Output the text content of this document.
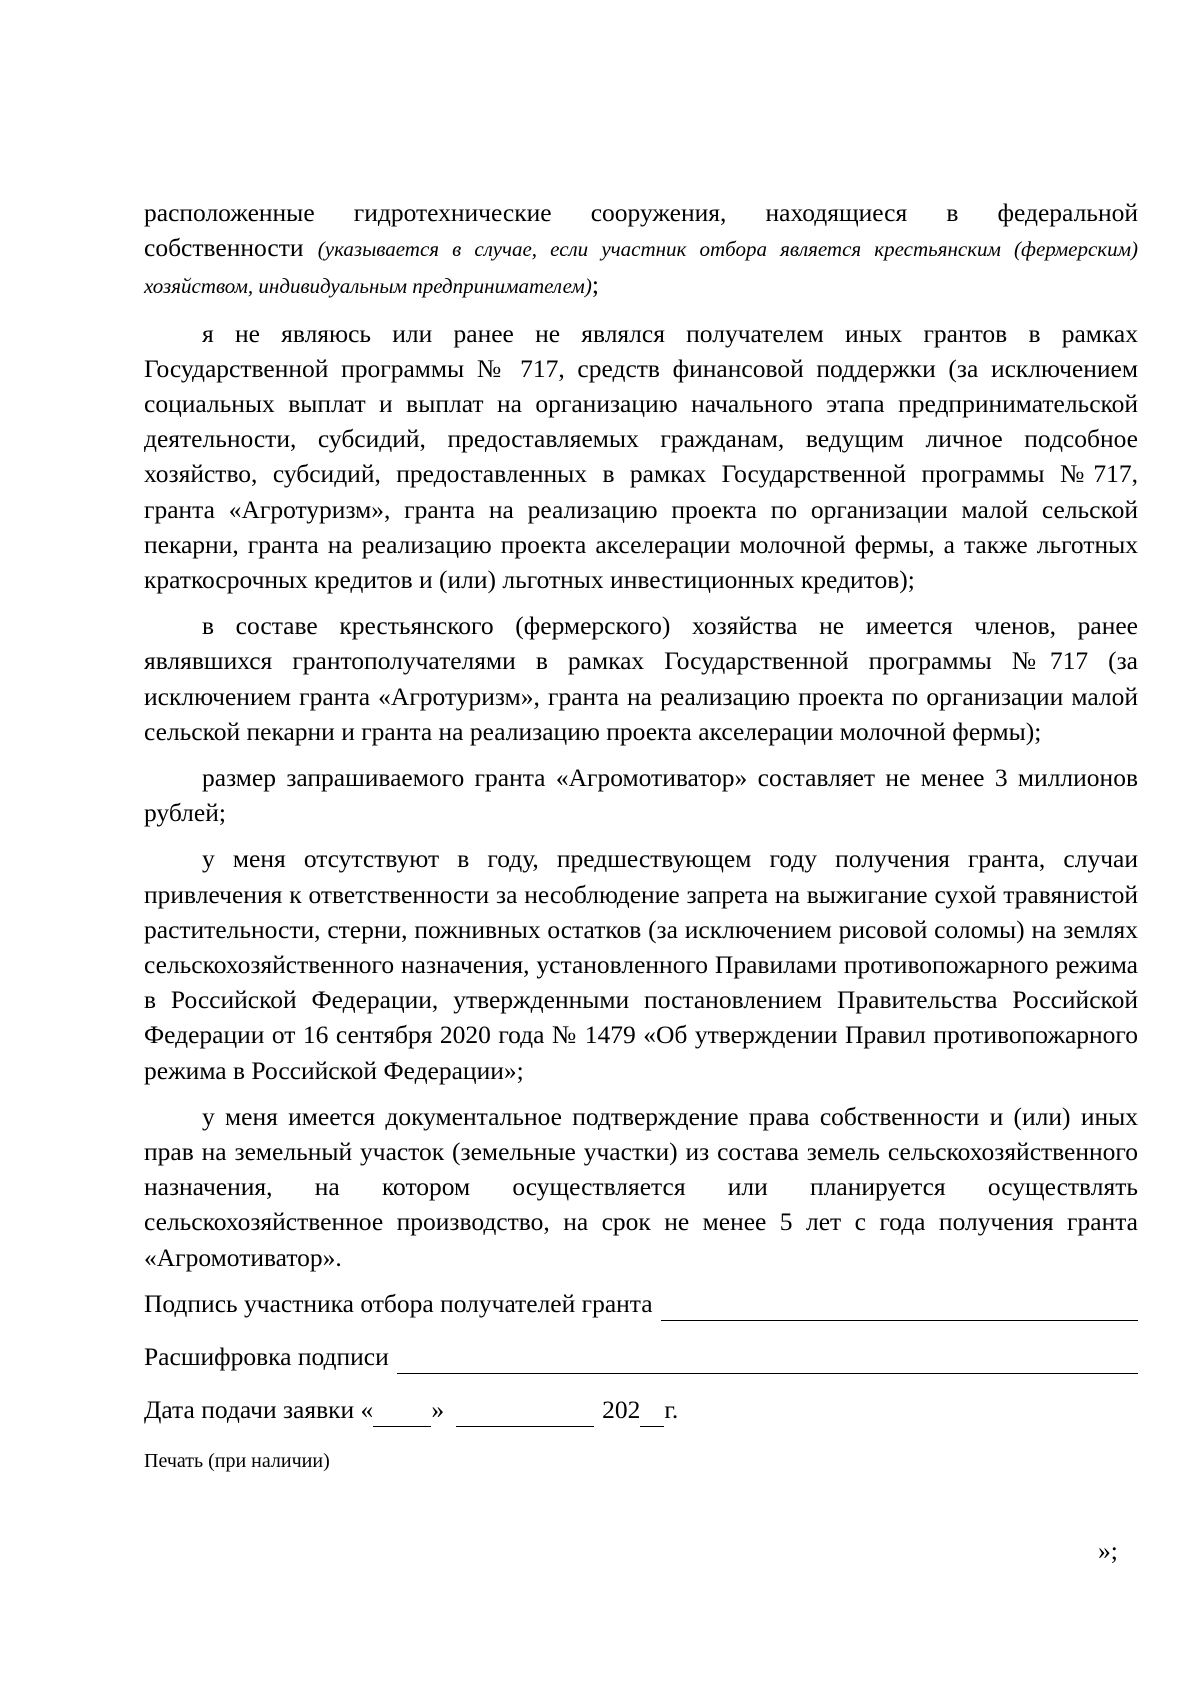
расположенные гидротехнические сооружения, находящиеся в федеральной собственности (указывается в случае, если участник отбора является крестьянским (фермерским) хозяйством, индивидуальным предпринимателем);

я не являюсь или ранее не являлся получателем иных грантов в рамках Государственной программы № 717, средств финансовой поддержки (за исключением социальных выплат и выплат на организацию начального этапа предпринимательской деятельности, субсидий, предоставляемых гражданам, ведущим личное подсобное хозяйство, субсидий, предоставленных в рамках Государственной программы №717, гранта «Агротуризм», гранта на реализацию проекта по организации малой сельской пекарни, гранта на реализацию проекта акселерации молочной фермы, а также льготных краткосрочных кредитов и (или) льготных инвестиционных кредитов);

в составе крестьянского (фермерского) хозяйства не имеется членов, ранее являвшихся грантополучателями в рамках Государственной программы №717 (за исключением гранта «Агротуризм», гранта на реализацию проекта по организации малой сельской пекарни и гранта на реализацию проекта акселерации молочной фермы);

размер запрашиваемого гранта «Агромотиватор» составляет не менее 3 миллионов рублей;

у меня отсутствуют в году, предшествующем году получения гранта, случаи привлечения к ответственности за несоблюдение запрета на выжигание сухой травянистой растительности, стерни, пожнивных остатков (за исключением рисовой соломы) на землях сельскохозяйственного назначения, установленного Правилами противопожарного режима в Российской Федерации, утвержденными постановлением Правительства Российской Федерации от 16 сентября 2020 года № 1479 «Об утверждении Правил противопожарного режима в Российской Федерации»;

у меня имеется документальное подтверждение права собственности и (или) иных прав на земельный участок (земельные участки) из состава земель сельскохозяйственного назначения, на котором осуществляется или планируется осуществлять сельскохозяйственное производство, на срок не менее 5 лет с года получения гранта «Агромотиватор».

Подпись участника отбора получателей гранта
Расшифровка подписи
Дата подачи заявки « »	202 г.
Печать (при наличии)
»;
